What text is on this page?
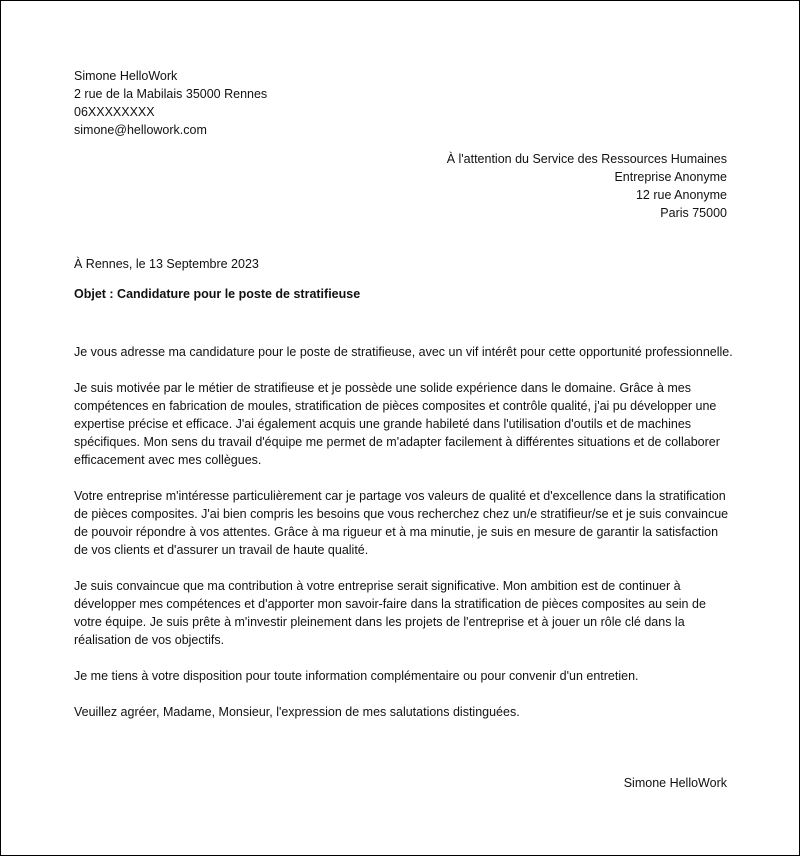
Simone HelloWork
2 rue de la Mabilais 35000 Rennes
06XXXXXXXX
simone@hellowork.com
À l'attention du Service des Ressources Humaines
Entreprise Anonyme
12 rue Anonyme
Paris 75000
À Rennes, le 13 Septembre 2023
Objet : Candidature pour le poste de stratifieuse

Je vous adresse ma candidature pour le poste de stratifieuse, avec un vif intérêt pour cette opportunité professionnelle.

Je suis motivée par le métier de stratifieuse et je possède une solide expérience dans le domaine. Grâce à mes compétences en fabrication de moules, stratification de pièces composites et contrôle qualité, j'ai pu développer une expertise précise et efficace. J'ai également acquis une grande habileté dans l'utilisation d'outils et de machines spécifiques. Mon sens du travail d'équipe me permet de m'adapter facilement à différentes situations et de collaborer efficacement avec mes collègues.

Votre entreprise m'intéresse particulièrement car je partage vos valeurs de qualité et d'excellence dans la stratification de pièces composites. J'ai bien compris les besoins que vous recherchez chez un/e stratifieur/se et je suis convaincue de pouvoir répondre à vos attentes. Grâce à ma rigueur et à ma minutie, je suis en mesure de garantir la satisfaction de vos clients et d'assurer un travail de haute qualité.

Je suis convaincue que ma contribution à votre entreprise serait significative. Mon ambition est de continuer à développer mes compétences et d'apporter mon savoir-faire dans la stratification de pièces composites au sein de votre équipe. Je suis prête à m'investir pleinement dans les projets de l'entreprise et à jouer un rôle clé dans la réalisation de vos objectifs.

Je me tiens à votre disposition pour toute information complémentaire ou pour convenir d'un entretien.

Veuillez agréer, Madame, Monsieur, l'expression de mes salutations distinguées.

Simone HelloWork
